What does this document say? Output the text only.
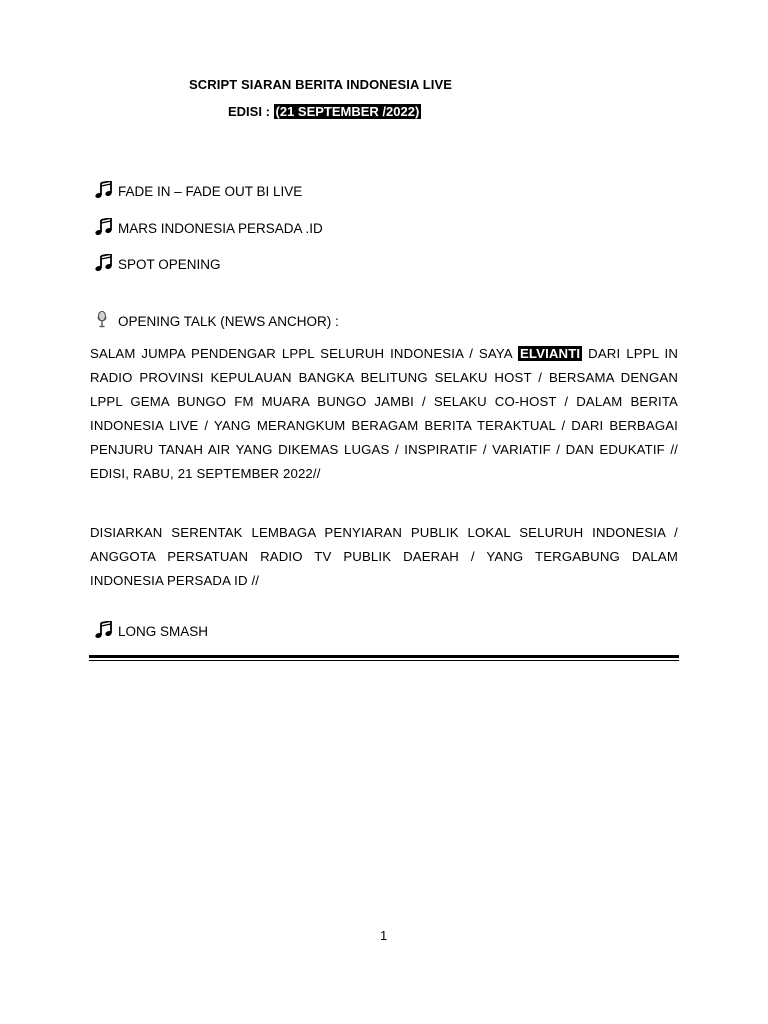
SCRIPT SIARAN BERITA INDONESIA LIVE
EDISI : (21 SEPTEMBER /2022)
FADE IN – FADE OUT BI LIVE
MARS INDONESIA PERSADA .ID
SPOT OPENING
OPENING TALK (NEWS ANCHOR) :
SALAM JUMPA PENDENGAR LPPL SELURUH INDONESIA / SAYA ELVIANTI DARI LPPL IN RADIO PROVINSI KEPULAUAN BANGKA BELITUNG SELAKU HOST / BERSAMA DENGAN LPPL GEMA BUNGO FM MUARA BUNGO JAMBI / SELAKU CO-HOST / DALAM BERITA INDONESIA LIVE / YANG MERANGKUM BERAGAM BERITA TERAKTUAL / DARI BERBAGAI PENJURU TANAH AIR YANG DIKEMAS LUGAS / INSPIRATIF / VARIATIF / DAN EDUKATIF // EDISI, RABU, 21 SEPTEMBER 2022//
DISIARKAN SERENTAK LEMBAGA PENYIARAN PUBLIK LOKAL SELURUH INDONESIA / ANGGOTA PERSATUAN RADIO TV PUBLIK DAERAH / YANG TERGABUNG DALAM INDONESIA PERSADA ID //
LONG SMASH
1
